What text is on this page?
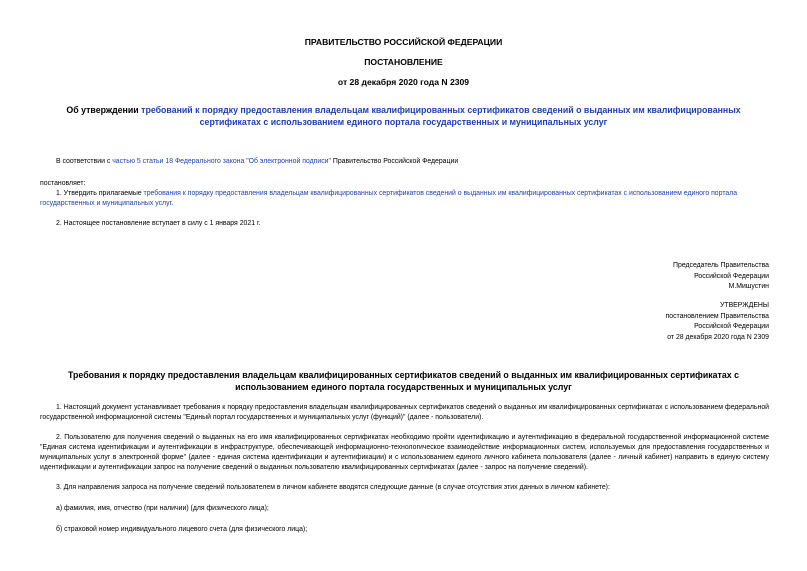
ПРАВИТЕЛЬСТВО РОССИЙСКОЙ ФЕДЕРАЦИИ
ПОСТАНОВЛЕНИЕ
от 28 декабря 2020 года N 2309
Об утверждении требований к порядку предоставления владельцам квалифицированных сертификатов сведений о выданных им квалифицированных сертификатах с использованием единого портала государственных и муниципальных услуг
В соответствии с частью 5 статьи 18 Федерального закона "Об электронной подписи" Правительство Российской Федерации
постановляет:
1. Утвердить прилагаемые требования к порядку предоставления владельцам квалифицированных сертификатов сведений о выданных им квалифицированных сертификатах с использованием единого портала государственных и муниципальных услуг.
2. Настоящее постановление вступает в силу с 1 января 2021 г.
Председатель Правительства
Российской Федерации
М.Мишустин
УТВЕРЖДЕНЫ
постановлением Правительства
Российской Федерации
от 28 декабря 2020 года N 2309
Требования к порядку предоставления владельцам квалифицированных сертификатов сведений о выданных им квалифицированных сертификатах с использованием единого портала государственных и муниципальных услуг
1. Настоящий документ устанавливает требования к порядку предоставления владельцам квалифицированных сертификатов сведений о выданных им квалифицированных сертификатах с использованием федеральной государственной информационной системы "Единый портал государственных и муниципальных услуг (функций)" (далее - пользователи).
2. Пользователю для получения сведений о выданных на его имя квалифицированных сертификатах необходимо пройти идентификацию и аутентификацию в федеральной государственной информационной системе "Единая система идентификации и аутентификации в инфраструктуре, обеспечивающей информационно-технологическое взаимодействие информационных систем, используемых для предоставления государственных и муниципальных услуг в электронной форме" (далее - единая система идентификации и аутентификации) и с использованием единого личного кабинета пользователя (далее - личный кабинет) направить в единую систему идентификации и аутентификации запрос на получение сведений о выданных пользователю квалифицированных сертификатах (далее - запрос на получение сведений).
3. Для направления запроса на получение сведений пользователем в личном кабинете вводятся следующие данные (в случае отсутствия этих данных в личном кабинете):
а) фамилия, имя, отчество (при наличии) (для физического лица);
б) страховой номер индивидуального лицевого счета (для физического лица);
